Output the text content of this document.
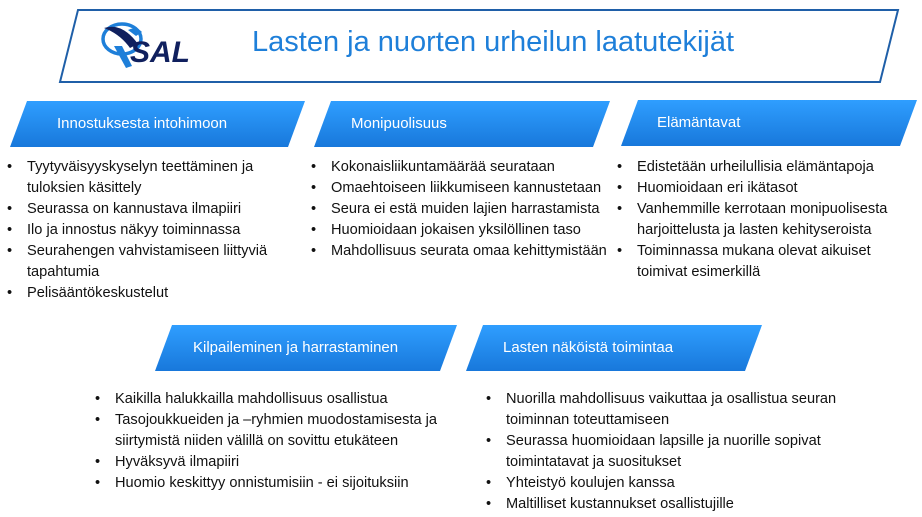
SAL Lasten ja nuorten urheilun laatutekijät
Innostuksesta intohimoon
• Tyytyväisyyskyselyn teettäminen ja tuloksien käsittely
• Seurassa on kannustava ilmapiiri
• Ilo ja innostus näkyy toiminnassa
• Seurahengen vahvistamiseen liittyviä tapahtumia
• Pelisääntökeskustelut
Monipuolisuus
• Kokonaisliikuntamäärää seurataan
• Omaehtoiseen liikkumiseen kannustetaan
• Seura ei estä muiden lajien harrastamista
• Huomioidaan jokaisen yksilöllinen taso
• Mahdollisuus seurata omaa kehittymistään
Elämäntavat
• Edistetään urheilullisia elämäntapoja
• Huomioidaan eri ikätasot
• Vanhemmille kerrotaan monipuolisesta harjoittelusta ja lasten kehityseroista
• Toiminnassa mukana olevat aikuiset toimivat esimerkillä
Kilpaileminen ja harrastaminen
• Kaikilla halukkailla mahdollisuus osallistua
• Tasojoukkueiden ja –ryhmien muodostamisesta ja siirtymistä niiden välillä on sovittu etukäteen
• Hyväksyvä ilmapiiri
• Huomio keskittyy onnistumisiin - ei sijoituksiin
Lasten näköistä toimintaa
• Nuorilla mahdollisuus vaikuttaa ja osallistua seuran toiminnan toteuttamiseen
• Seurassa huomioidaan lapsille ja nuorille sopivat toimintatavat ja suositukset
• Yhteistyö koulujen kanssa
• Maltilliset kustannukset osallistujille
